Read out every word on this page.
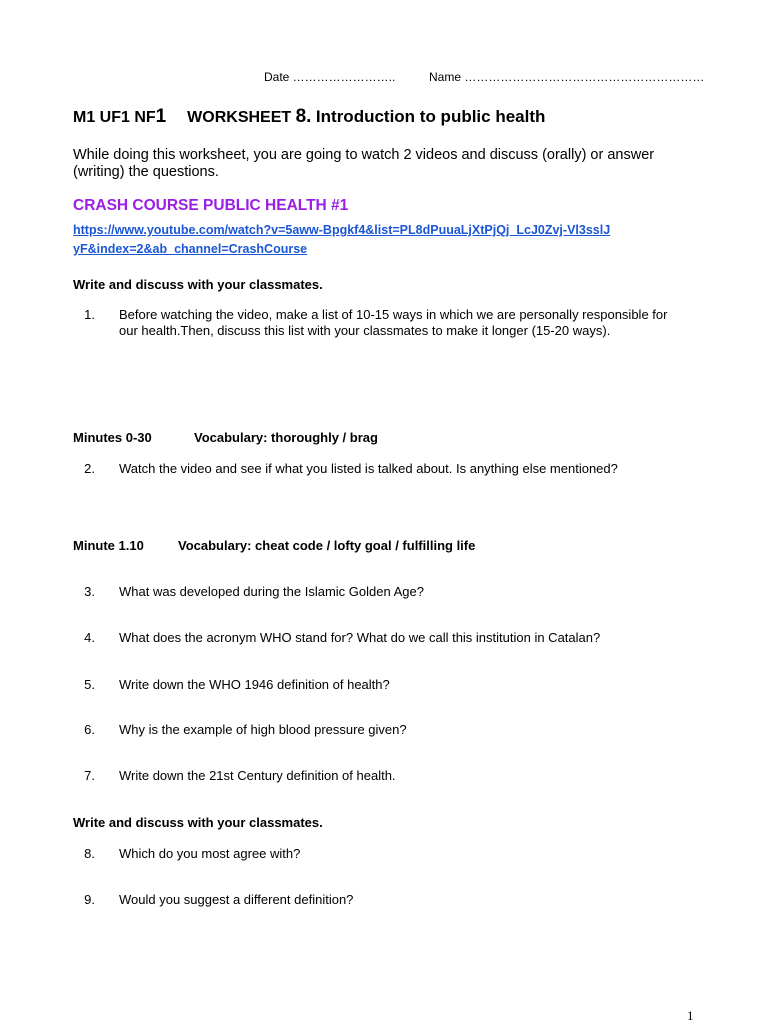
Date ……………………..	Name ……………………………………………………
M1 UF1 NF1 WORKSHEET 8. Introduction to public health
While doing this worksheet, you are going to watch 2 videos and discuss (orally) or answer (writing) the questions.
CRASH COURSE PUBLIC HEALTH #1
https://www.youtube.com/watch?v=5aww-Bpgkf4&list=PL8dPuuaLjXtPjQj_LcJ0Zvj-Vl3sslJyF&index=2&ab_channel=CrashCourse
Write and discuss with your classmates.
1. Before watching the video, make a list of 10-15 ways in which we are personally responsible for our health.Then, discuss this list with your classmates to make it longer (15-20 ways).
Minutes 0-30	Vocabulary: thoroughly / brag
2. Watch the video and see if what you listed is talked about. Is anything else mentioned?
Minute 1.10	Vocabulary: cheat code / lofty goal / fulfilling life
3. What was developed during the Islamic Golden Age?
4. What does the acronym WHO stand for? What do we call this institution in Catalan?
5. Write down the WHO 1946 definition of health?
6. Why is the example of high blood pressure given?
7. Write down the 21st Century definition of health.
Write and discuss with your classmates.
8. Which do you most agree with?
9. Would you suggest a different definition?
1
